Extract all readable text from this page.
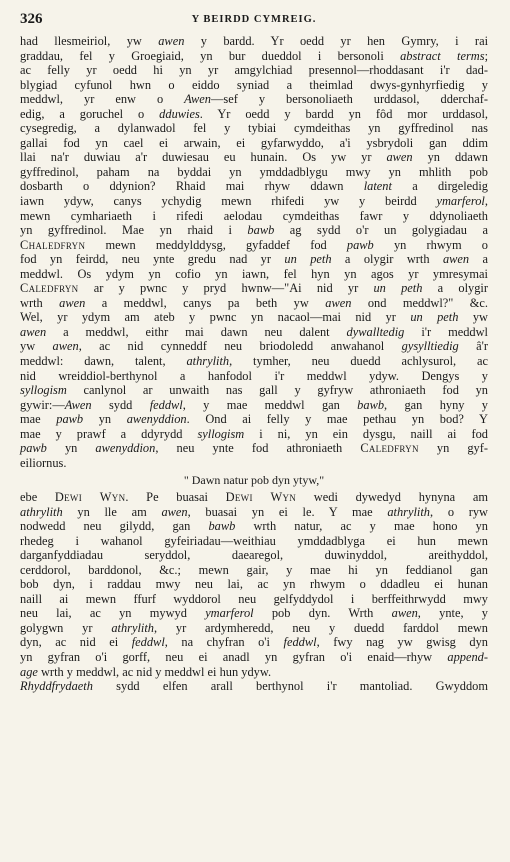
326	Y BEIRDD CYMREIG.

had llesmeiriol, yw awen y bardd. Yr oedd yr hen Gymry, i rai
graddau, fel y Groegiaid, yn bur dueddol i bersonoli abstract terms;
ac felly yr oedd hi yn yr amgylchiad presennol—rhoddasant i'r dad-
blygiad cyfunol hwn o eiddo syniad a theimlad dwys-gynhyrfiedig y
meddwl, yr enw o Awen—sef y bersonoliaeth urddasol, dderchaf-
edig, a goruchel o dduwies. Yr oedd y bardd yn fôd mor urddasol,
cysegredig, a dylanwadol fel y tybiai cymdeithas yn gyffredinol nas
gallai fod yn cael ei arwain, ei gyfarwyddo, a'i ysbrydoli gan ddim
llai na'r duwiau a'r duwiesau eu hunain. Os yw yr awen yn ddawn
gyffredinol, paham na byddai yn ymddadblygu mwy yn mhlith pob
dosbarth o ddynion? Rhaid mai rhyw ddawn latent a dirgeledig
iawn ydyw, canys ychydig mewn rhifedi yw y beirdd ymarferol,
mewn cymhariaeth i rifedi aelodau cymdeithas fawr y ddynoliaeth
yn gyffredinol. Mae yn rhaid i bawb ag sydd o'r un golygiadau a
Chaledfryn mewn meddylddysg, gyfaddef fod pawb yn rhwym o
fod yn feirdd, neu ynte gredu nad yr un peth a olygir wrth awen a
meddwl. Os ydym yn cofio yn iawn, fel hyn yn agos yr ymresymai
Caledfryn ar y pwnc y pryd hwnw—"Ai nid yr un peth a olygir
wrth awen a meddwl, canys pa beth yw awen ond meddwl?" &c.
Wel, yr ydym am ateb y pwnc yn nacaol—mai nid yr un peth yw
awen a meddwl, eithr mai dawn neu dalent dywalltedig i'r meddwl
yw awen, ac nid cynneddf neu briodoledd anwahanol gysylltiedig â'r
meddwl: dawn, talent, athrylith, tymher, neu duedd achlysurol, ac
nid wreiddiol-berthynol a hanfodol i'r meddwl ydyw. Dengys y
syllogism canlynol ar unwaith nas gall y gyfryw athroniaeth fod yn
gywir:—Awen sydd feddwl, y mae meddwl gan bawb, gan hyny y
mae pawb yn awenyddion. Ond ai felly y mae pethau yn bod? Y
mae y prawf a ddyrydd syllogism i ni, yn ein dysgu, naill ai fod
pawb yn awenyddion, neu ynte fod athroniaeth Caledfryn yn gyf-
eiliornus.

" Dawn natur pob dyn ytyw,"

ebe Dewi Wyn. Pe buasai Dewi Wyn wedi dywedyd hynyna am
athrylith yn lle am awen, buasai yn ei le. Y mae athrylith, o ryw
nodwedd neu gilydd, gan bawb wrth natur, ac y mae hono yn
rhedeg i wahanol gyfeiriadau—weithiau ymddadblyga ei hun mewn
darganfyddiadau seryddol, daearegol, duwinyddol, areithyddol,
cerddorol, barddonol, &c.; mewn gair, y mae hi yn feddianol gan
bob dyn, i raddau mwy neu lai, ac yn rhwym o ddadleu ei hunan
naill ai mewn ffurf wyddorol neu gelfyddydol i berffeithrwydd mwy
neu lai, ac yn mywyd ymarferol pob dyn. Wrth awen, ynte, y
golygwn yr athrylith, yr ardymheredd, neu y duedd farddol mewn
dyn, ac nid ei feddwl, na chyfran o'i feddwl, fwy nag yw gwisg dyn
yn gyfran o'i gorff, neu ei anadl yn gyfran o'i enaid—rhyw append-
age wrth y meddwl, ac nid y meddwl ei hun ydyw.

Rhyddfrydaeth sydd elfen arall berthynol i'r mantoliad. Gwyddom
